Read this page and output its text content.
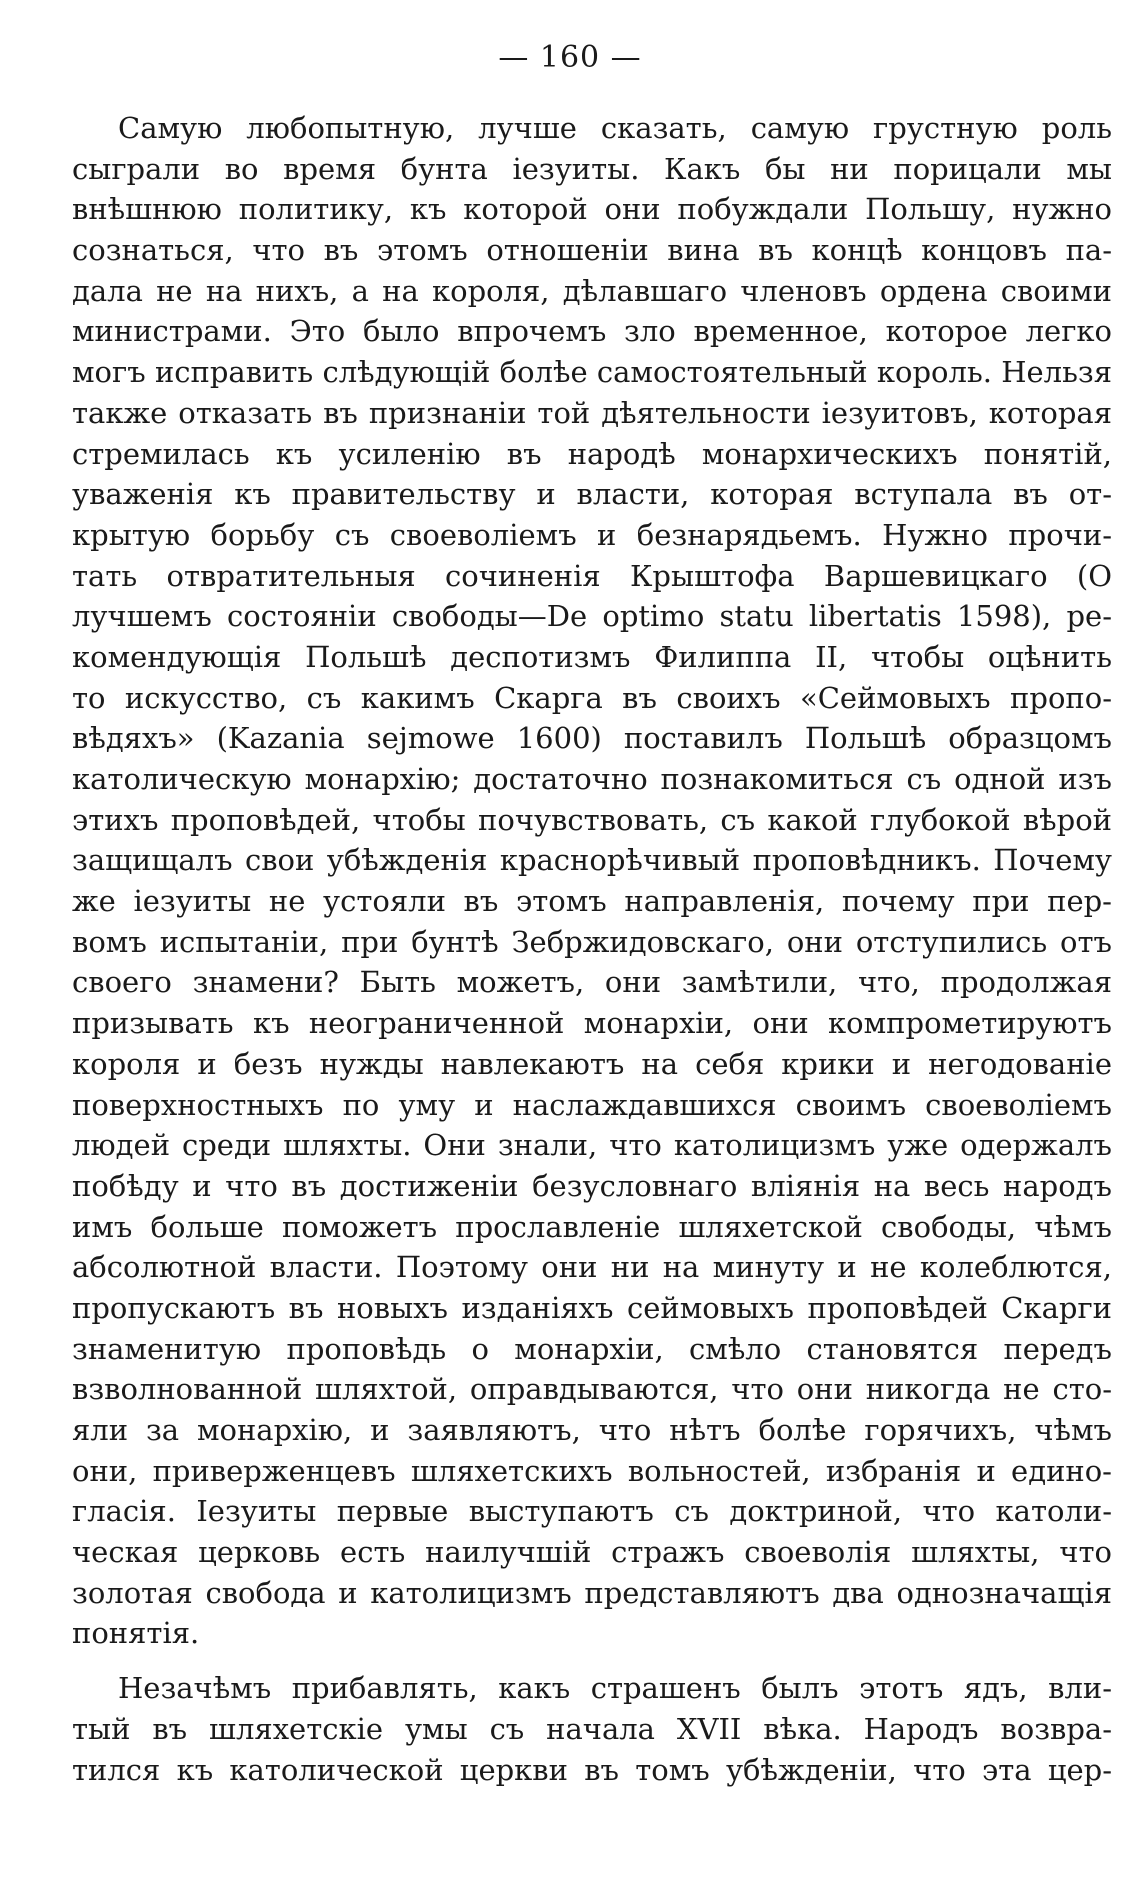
— 160 —
Самую любопытную, лучше сказать, самую грустную роль
сыграли во время бунта іезуиты. Какъ бы ни порицали мы
внѣшнюю политику, къ которой они побуждали Польшу, нужно
сознаться, что въ этомъ отношеніи вина въ концѣ концовъ па-
дала не на нихъ, а на короля, дѣлавшаго членовъ ордена своими
министрами. Это было впрочемъ зло временное, которое легко
могъ исправить слѣдующій болѣе самостоятельный король. Нельзя
также отказать въ признаніи той дѣятельности іезуитовъ, которая
стремилась къ усиленію въ народѣ монархическихъ понятій,
уваженія къ правительству и власти, которая вступала въ от-
крытую борьбу съ своеволіемъ и безнарядьемъ. Нужно прочи-
тать отвратительныя сочиненія Крыштофа Варшевицкаго (О
лучшемъ состояніи свободы—De optimo statu libertatis 1598), ре-
комендующія Польшѣ деспотизмъ Филиппа II, чтобы оцѣнить
то искусство, съ какимъ Скарга въ своихъ «Сеймовыхъ пропо-
вѣдяхъ» (Kazania sejmowe 1600) поставилъ Польшѣ образцомъ
католическую монархію; достаточно познакомиться съ одной изъ
этихъ проповѣдей, чтобы почувствовать, съ какой глубокой вѣрой
защищалъ свои убѣжденія краснорѣчивый проповѣдникъ. Почему
же іезуиты не устояли въ этомъ направленія, почему при пер-
вомъ испытаніи, при бунтѣ Зебржидовскаго, они отступились отъ
своего знамени? Быть можетъ, они замѣтили, что, продолжая
призывать къ неограниченной монархіи, они компрометируютъ
короля и безъ нужды навлекаютъ на себя крики и негодованіе
поверхностныхъ по уму и наслаждавшихся своимъ своеволіемъ
людей среди шляхты. Они знали, что католицизмъ уже одержалъ
побѣду и что въ достиженіи безусловнаго вліянія на весь народъ
имъ больше поможетъ прославленіе шляхетской свободы, чѣмъ
абсолютной власти. Поэтому они ни на минуту и не колеблются,
пропускаютъ въ новыхъ изданіяхъ сеймовыхъ проповѣдей Скарги
знаменитую проповѣдь о монархіи, смѣло становятся передъ
взволнованной шляхтой, оправдываются, что они никогда не сто-
яли за монархію, и заявляютъ, что нѣтъ болѣе горячихъ, чѣмъ
они, приверженцевъ шляхетскихъ вольностей, избранія и едино-
гласія. Іезуиты первые выступаютъ съ доктриной, что католи-
ческая церковь есть наилучшій стражъ своеволія шляхты, что
золотая свобода и католицизмъ представляютъ два однозначащія
понятія.
Незачѣмъ прибавлять, какъ страшенъ былъ этотъ ядъ, вли-
тый въ шляхетскіе умы съ начала XVII вѣка. Народъ возвра-
тился къ католической церкви въ томъ убѣжденіи, что эта цер-
